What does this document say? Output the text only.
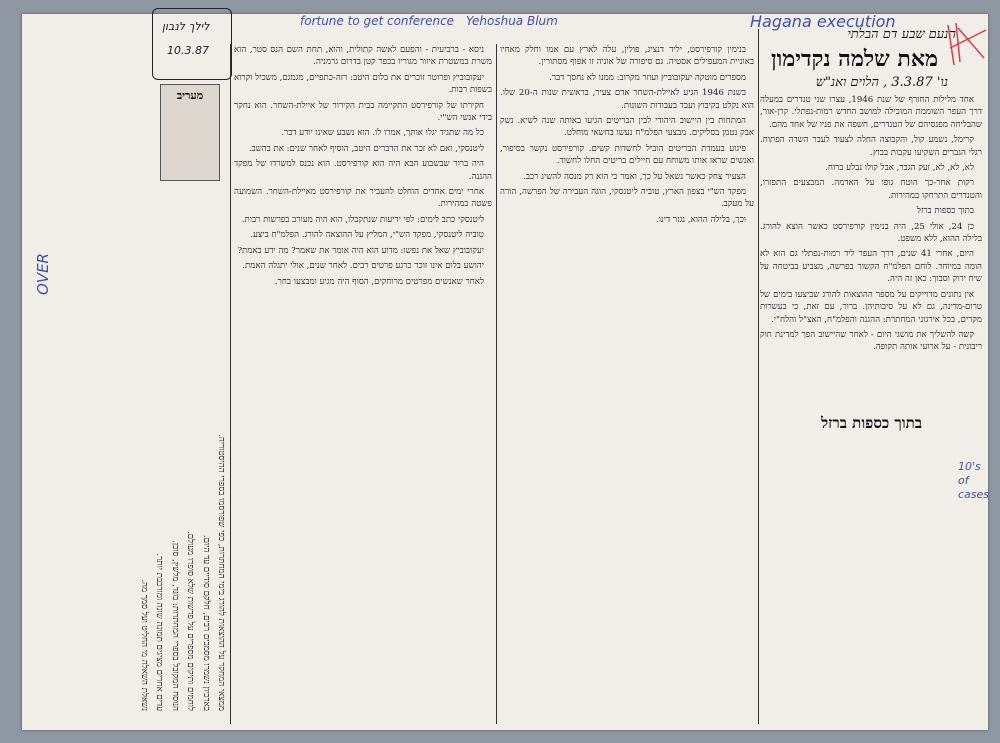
הנעם שבע דם הבלתי
מאת שלמה נקדימון
נו' 3.3.87 , הלוים ואנ"ש

אחד מלילות החורף של שנת 1946, עצרו שני טנדרים במעלה דרך העפר השוממת המובילה למושב החדש רמות-נפתלי. קרן-אור, שהבליחה מפנסיהם של הטנדרים, חשפה את פניו של אחד מהם.

קרימל, נשמע קול, והקבוצה החלה לצעוד לעבר השדה הפתוח. רגלי הגברים השקיעו עקבות בבוץ.

לא, לא, לא, זעק הגבר, אבל קולו נבלע ברוח.

רקות אחר-כך הוטח גופו על האדמה. המבצעים התפזרו, והטנדרים התרחקו במהירות.

בתוך כספות ברזל

כן 24, אולי 25, היה בנימין קורפירסט כאשר הוצא להורג. בלילה ההוא, ללא משפט.

היום, אחרי 41 שנים, דרך העפר ליד רמות-נפתלי גם הוא לא הומה במיוחד. לוחם הפלמ"ח הקשור בפרשה, מצביע בביטחה על שיח ירוק וסבוך: כאן זה היה.

אין נתונים מדוייקים על מספר ההוצאות להורג שביצעו בימים של טרום-מדינה, גם לא על סיבותיהן. ברור, עם זאת, כי בעשרות מקרים, בכל אירגוני המחתרת: ההגנה והפלמ"ח, האצ"ל והלח"י.

קשה להשליך את מושגי היום - לאחר שהיישוב הפך למדינת חוק ריבונית - על ארועי אותה תקופה.

בנימין קורפירסט, יליד דנציג, פולין, עלה לארץ עם אמו וחלק מאחיו באוניית המעפילים אסטיה. גם סיפורה של אוניה זו אפוף מסתורין.

מספרים מוטקה יעקובוביץ ועוזר מקרוב: ממנו לא נחסך דבר.

בשנת 1946 הגיע לאיילת-השחר אדם צעיר, בראשית שנות ה-20 שלו. הוא נקלט בקיבוץ ועבד בעבודות השונות.

המתחות בין היישוב היהודי לבין הבריטים הגיעו באותה שנה לשיא. נשק אבק נטמן בסליקים. מבצעי הפלמ"ח נעשו בחשאי מוחלט.

פיגוע בעמדת הבריטים הוביל לחשדות קשים. קורפירסט נקשר בסיפור, ואנשים שראו אותו משוחח עם חיילים בריטים החלו לחשוד.

הצעיר צחק כאשר נשאל על כך, ואמר כי הוא רק מנסה להשיג רכב.

מפקד הש"י בצפון הארץ, טוביה ליטנסקי, הוגה העבירה של הפרשה, הורה על מעקב.

וכך, בלילה ההוא, נגזר דינו.

ניסא - ברביעית - והפעם לאשה קתולית, והוא, תחת השם הנס סטר, הוא משרת במשטרת איזור מגוריו בכפר קטן בדרום גרמניה.

יעקובוביץ ופרוטר זוכרים את בלום היטב: רזה-כתפיים, מגמגם, משכיל וקרוא בשפות רבות.

חקירתו של קורפירסט התקיימה בבית הקירור של איילת-השחר. הוא נחקר בידי אנשי הש"י.

כל מה שתגיד יגלו אותך, אמרו לו. הוא נשבע שאינו יודע דבר.

ליטנסקי, ואם לא זכר את הדברים היטב, הוסיף לאחר שנים: את בהשב.

היה ברור שבשבוע הבא היה הוא קורפירסט. הוא נכנס למשרדו של מפקד ההגנה.

אחרי ימים אחדים הוחלט להעביר את קורפירסט מאיילת-השחר. השמועה פשטה במהירות.

ליטנסקי כתב לימים: לפי ידיעות שנתקבלו, הוא היה מעורב בפרשות רבות.

טוביה ליטנסקי, מפקד הש"י, המליץ על ההוצאה להורג. הפלמ"ח ביצע.

יעקובוביץ שאל את נפשו: מדוע הוא היה אומר את שאמר? מה ידע באמת?

יהושע בלום אינו זוכר כרגע פרטים רבים. לאחר שנים, אולי יתגלה האמת.

לאחר שאנשים מפרטים מרוחקים, הסוף היה מגיע ומבצעו בחר.

ממצאי המחקר על ההוצאות להורג בימי המחתרות, כפי שפורסמו בספרי ההיסטוריה.

בארכיון נשמרו מסמכים רבים, חלקם סודיים עד היום.

לוחמים ותיקים מספרים על פרשות שלא סופרו מעולם.

הנוסח המקובל בספרי המחתרות: בוגד, מלשין, סוכן.

עדים אחרים מציגים תמונה שונה ומורכבת יותר.

נשאלת השאלה מי החליט ועל סמך מה.

לילך לנבון
10.3.87
מעריב
בתוך כספות ברזל
fortune to get conference Yehoshua Blum	Hagana execution
10's of cases
OVER
